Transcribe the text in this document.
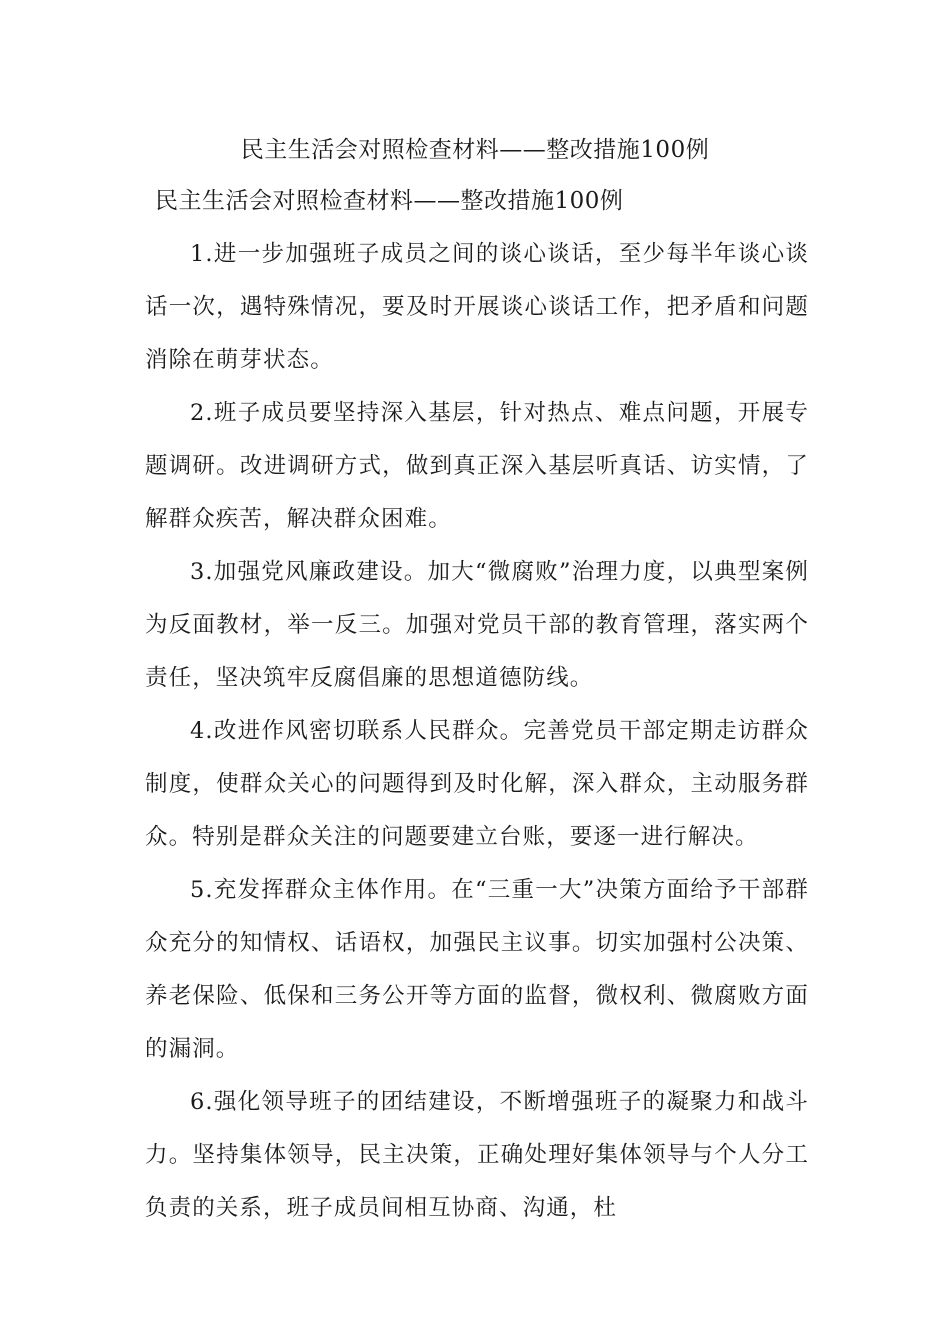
民主生活会对照检查材料——整改措施100例
民主生活会对照检查材料——整改措施100例

1.进一步加强班子成员之间的谈心谈话，至少每半年谈心谈话一次，遇特殊情况，要及时开展谈心谈话工作，把矛盾和问题消除在萌芽状态。

2.班子成员要坚持深入基层，针对热点、难点问题，开展专题调研。改进调研方式，做到真正深入基层听真话、访实情，了解群众疾苦，解决群众困难。

3.加强党风廉政建设。加大“微腐败”治理力度，以典型案例为反面教材，举一反三。加强对党员干部的教育管理，落实两个责任，坚决筑牢反腐倡廉的思想道德防线。

4.改进作风密切联系人民群众。完善党员干部定期走访群众制度，使群众关心的问题得到及时化解，深入群众，主动服务群众。特别是群众关注的问题要建立台账，要逐一进行解决。

5.充发挥群众主体作用。在“三重一大”决策方面给予干部群众充分的知情权、话语权，加强民主议事。切实加强村公决策、养老保险、低保和三务公开等方面的监督，微权利、微腐败方面的漏洞。

6.强化领导班子的团结建设，不断增强班子的凝聚力和战斗力。坚持集体领导，民主决策，正确处理好集体领导与个人分工负责的关系，班子成员间相互协商、沟通，杜
